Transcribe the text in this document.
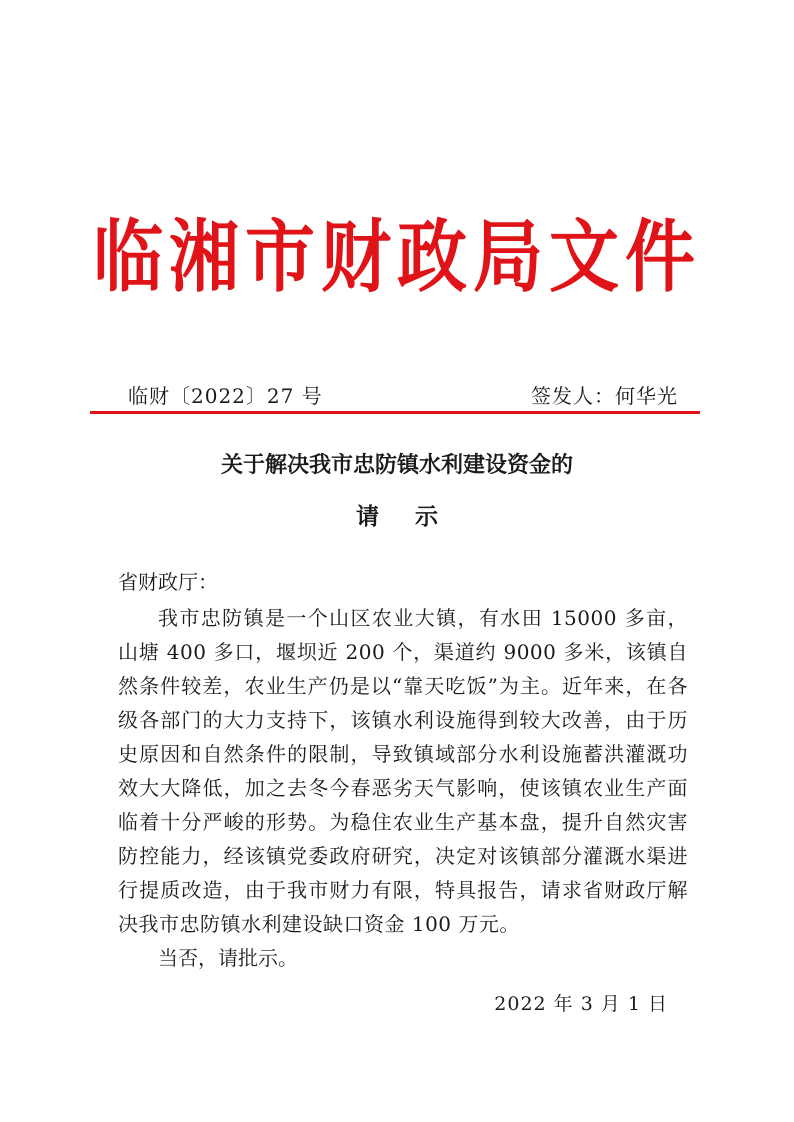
临湘市财政局文件
临财〔2022〕27 号	签发人：何华光
关于解决我市忠防镇水利建设资金的
请示
省财政厅：
我市忠防镇是一个山区农业大镇，有水田 15000 多亩，山塘 400 多口，堰坝近 200 个，渠道约 9000 多米，该镇自然条件较差，农业生产仍是以“靠天吃饭”为主。近年来，在各级各部门的大力支持下，该镇水利设施得到较大改善，由于历史原因和自然条件的限制，导致镇域部分水利设施蓄洪灌溉功效大大降低，加之去冬今春恶劣天气影响，使该镇农业生产面临着十分严峻的形势。为稳住农业生产基本盘，提升自然灾害防控能力，经该镇党委政府研究，决定对该镇部分灌溉水渠进行提质改造，由于我市财力有限，特具报告，请求省财政厅解决我市忠防镇水利建设缺口资金 100 万元。
当否，请批示。
2022 年 3 月 1 日
